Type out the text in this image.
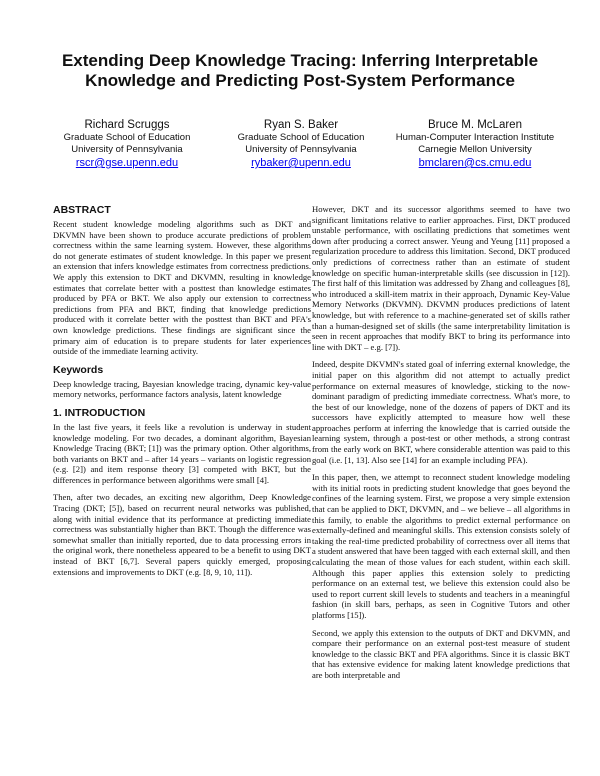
Extending Deep Knowledge Tracing: Inferring Interpretable Knowledge and Predicting Post-System Performance
Richard Scruggs
Graduate School of Education
University of Pennsylvania
rscr@gse.upenn.edu
Ryan S. Baker
Graduate School of Education
University of Pennsylvania
rybaker@upenn.edu
Bruce M. McLaren
Human-Computer Interaction Institute
Carnegie Mellon University
bmclaren@cs.cmu.edu
ABSTRACT

Recent student knowledge modeling algorithms such as DKT and DKVMN have been shown to produce accurate predictions of problem correctness within the same learning system. However, these algorithms do not generate estimates of student knowledge. In this paper we present an extension that infers knowledge estimates from correctness predictions. We apply this extension to DKT and DKVMN, resulting in knowledge estimates that correlate better with a posttest than knowledge estimates produced by PFA or BKT. We also apply our extension to correctness predictions from PFA and BKT, finding that knowledge predictions produced with it correlate better with the posttest than BKT and PFA's own knowledge predictions. These findings are significant since the primary aim of education is to prepare students for later experiences outside of the immediate learning activity.

Keywords

Deep knowledge tracing, Bayesian knowledge tracing, dynamic key-value memory networks, performance factors analysis, latent knowledge

1. INTRODUCTION

In the last five years, it feels like a revolution is underway in student knowledge modeling. For two decades, a dominant algorithm, Bayesian Knowledge Tracing (BKT; [1]) was the primary option. Other algorithms, both variants on BKT and – after 14 years – variants on logistic regression (e.g. [2]) and item response theory [3] competed with BKT, but the differences in performance between algorithms were small [4].

Then, after two decades, an exciting new algorithm, Deep Knowledge Tracing (DKT; [5]), based on recurrent neural networks was published, along with initial evidence that its performance at predicting immediate correctness was substantially higher than BKT. Though the difference was somewhat smaller than initially reported, due to data processing errors in the original work, there nonetheless appeared to be a benefit to using DKT instead of BKT [6,7]. Several papers quickly emerged, proposing extensions and improvements to DKT (e.g. [8, 9, 10, 11]).

However, DKT and its successor algorithms seemed to have two significant limitations relative to earlier approaches. First, DKT produced unstable performance, with oscillating predictions that sometimes went down after producing a correct answer. Yeung and Yeung [11] proposed a regularization procedure to address this limitation. Second, DKT produced only predictions of correctness rather than an estimate of student knowledge on specific human-interpretable skills (see discussion in [12]). The first half of this limitation was addressed by Zhang and colleagues [8], who introduced a skill-item matrix in their approach, Dynamic Key-Value Memory Networks (DKVMN). DKVMN produces predictions of latent knowledge, but with reference to a machine-generated set of skills rather than a human-designed set of skills (the same interpretability limitation is seen in recent approaches that modify BKT to bring its performance into line with DKT – e.g. [7]).

Indeed, despite DKVMN's stated goal of inferring external knowledge, the initial paper on this algorithm did not attempt to actually predict performance on external measures of knowledge, sticking to the now-dominant paradigm of predicting immediate correctness. What's more, to the best of our knowledge, none of the dozens of papers of DKT and its successors have explicitly attempted to measure how well these approaches perform at inferring the knowledge that is carried outside the learning system, through a post-test or other methods, a strong contrast from the early work on BKT, where considerable attention was paid to this goal (i.e. [1, 13]. Also see [14] for an example including PFA).

In this paper, then, we attempt to reconnect student knowledge modeling with its initial roots in predicting student knowledge that goes beyond the confines of the learning system. First, we propose a very simple extension that can be applied to DKT, DKVMN, and – we believe – all algorithms in this family, to enable the algorithms to predict external performance on externally-defined and meaningful skills. This extension consists solely of taking the real-time predicted probability of correctness over all items that a student answered that have been tagged with each external skill, and then calculating the mean of those values for each student, within each skill. Although this paper applies this extension solely to predicting performance on an external test, we believe this extension could also be used to report current skill levels to students and teachers in a meaningful fashion (in skill bars, perhaps, as seen in Cognitive Tutors and other platforms [15]).

Second, we apply this extension to the outputs of DKT and DKVMN, and compare their performance on an external post-test measure of student knowledge to the classic BKT and PFA algorithms. Since it is classic BKT that has extensive evidence for making latent knowledge predictions that are both interpretable and
